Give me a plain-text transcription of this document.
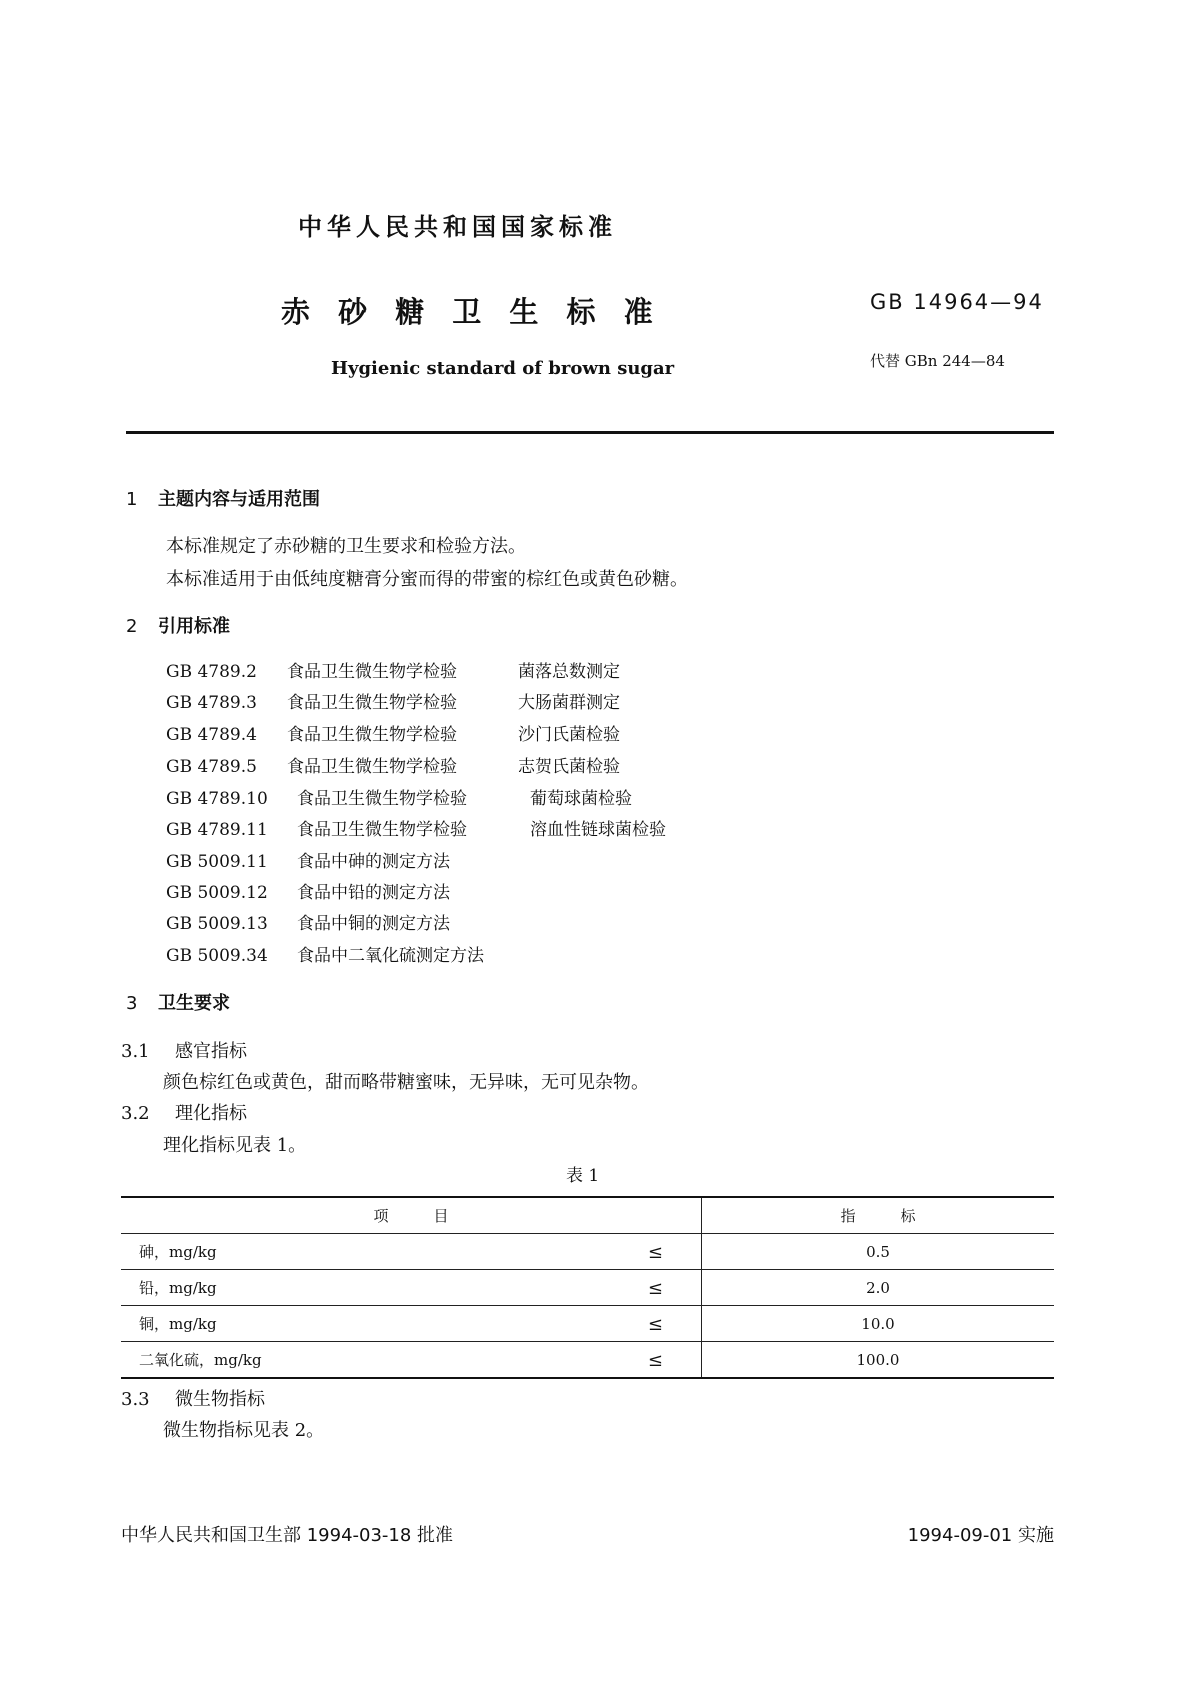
中华人民共和国国家标准
赤 砂 糖 卫 生 标 准
Hygienic standard of brown sugar
GB 14964—94
代替 GBn 244—84
1 主题内容与适用范围
本标准规定了赤砂糖的卫生要求和检验方法。
本标准适用于由低纯度糖膏分蜜而得的带蜜的棕红色或黄色砂糖。
2 引用标准
GB 4789.2 食品卫生微生物学检验	菌落总数测定
GB 4789.3 食品卫生微生物学检验	大肠菌群测定
GB 4789.4 食品卫生微生物学检验	沙门氏菌检验
GB 4789.5 食品卫生微生物学检验	志贺氏菌检验
GB 4789.10 食品卫生微生物学检验	葡萄球菌检验
GB 4789.11 食品卫生微生物学检验	溶血性链球菌检验
GB 5009.11 食品中砷的测定方法
GB 5009.12 食品中铅的测定方法
GB 5009.13 食品中铜的测定方法
GB 5009.34 食品中二氧化硫测定方法
3 卫生要求
3.1 感官指标
颜色棕红色或黄色，甜而略带糖蜜味，无异味，无可见杂物。
3.2 理化指标
理化指标见表 1。
表 1
项　　　目	指　　　标
砷，mg/kg ≤	0.5
铅，mg/kg ≤	2.0
铜，mg/kg ≤	10.0
二氧化硫，mg/kg ≤	100.0
3.3 微生物指标
微生物指标见表 2。
中华人民共和国卫生部 1994-03-18 批准	1994-09-01 实施
